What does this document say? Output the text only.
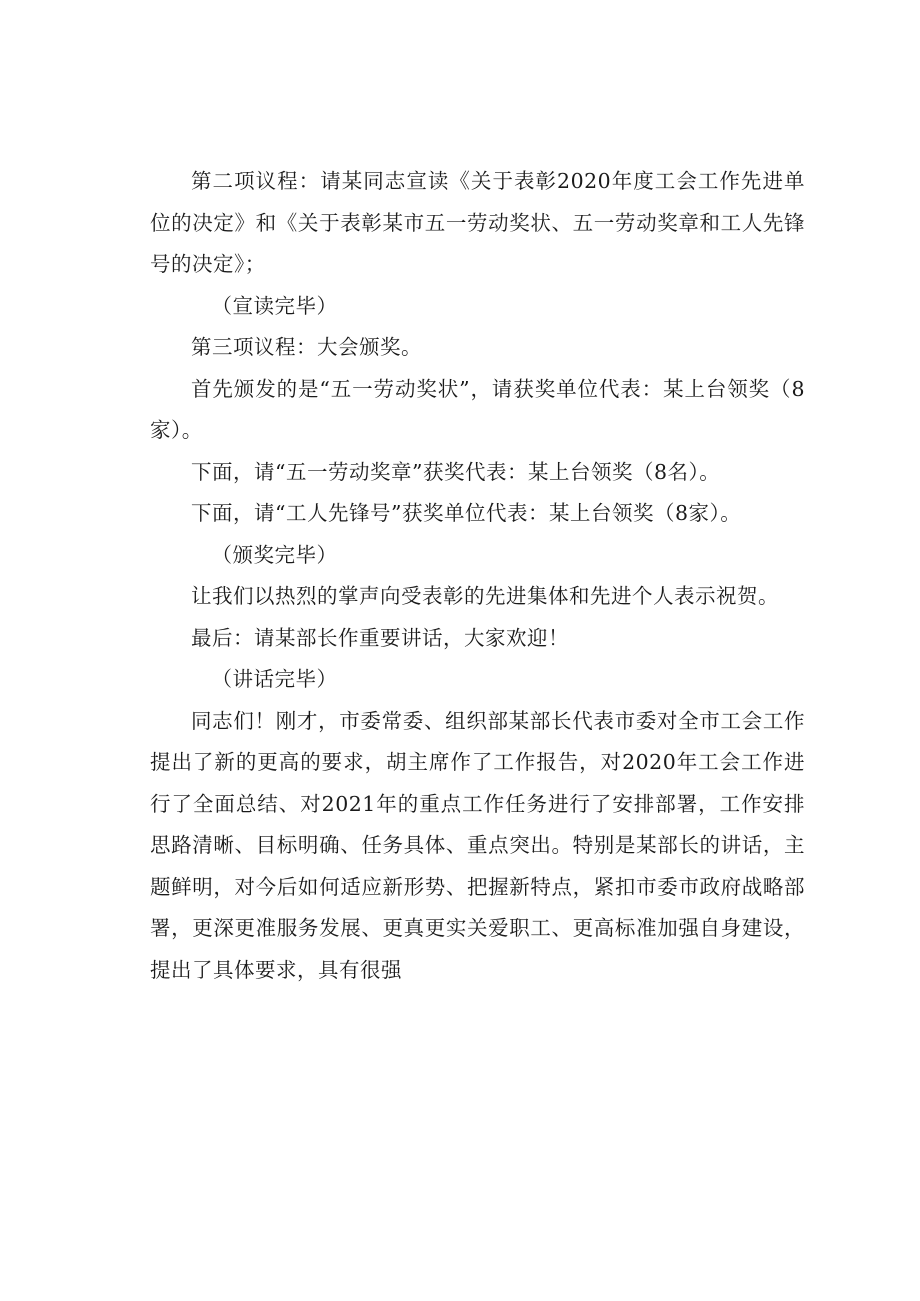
第二项议程：请某同志宣读《关于表彰2020年度工会工作先进单位的决定》和《关于表彰某市五一劳动奖状、五一劳动奖章和工人先锋号的决定》；

（宣读完毕）

第三项议程：大会颁奖。

首先颁发的是“五一劳动奖状”，请获奖单位代表：某上台领奖（8家）。

下面，请“五一劳动奖章”获奖代表：某上台领奖（8名）。

下面，请“工人先锋号”获奖单位代表：某上台领奖（8家）。

（颁奖完毕）

让我们以热烈的掌声向受表彰的先进集体和先进个人表示祝贺。

最后：请某部长作重要讲话，大家欢迎！

（讲话完毕）

同志们！刚才，市委常委、组织部某部长代表市委对全市工会工作提出了新的更高的要求，胡主席作了工作报告，对2020年工会工作进行了全面总结、对2021年的重点工作任务进行了安排部署，工作安排思路清晰、目标明确、任务具体、重点突出。特别是某部长的讲话，主题鲜明，对今后如何适应新形势、把握新特点，紧扣市委市政府战略部署，更深更准服务发展、更真更实关爱职工、更高标准加强自身建设，提出了具体要求，具有很强
